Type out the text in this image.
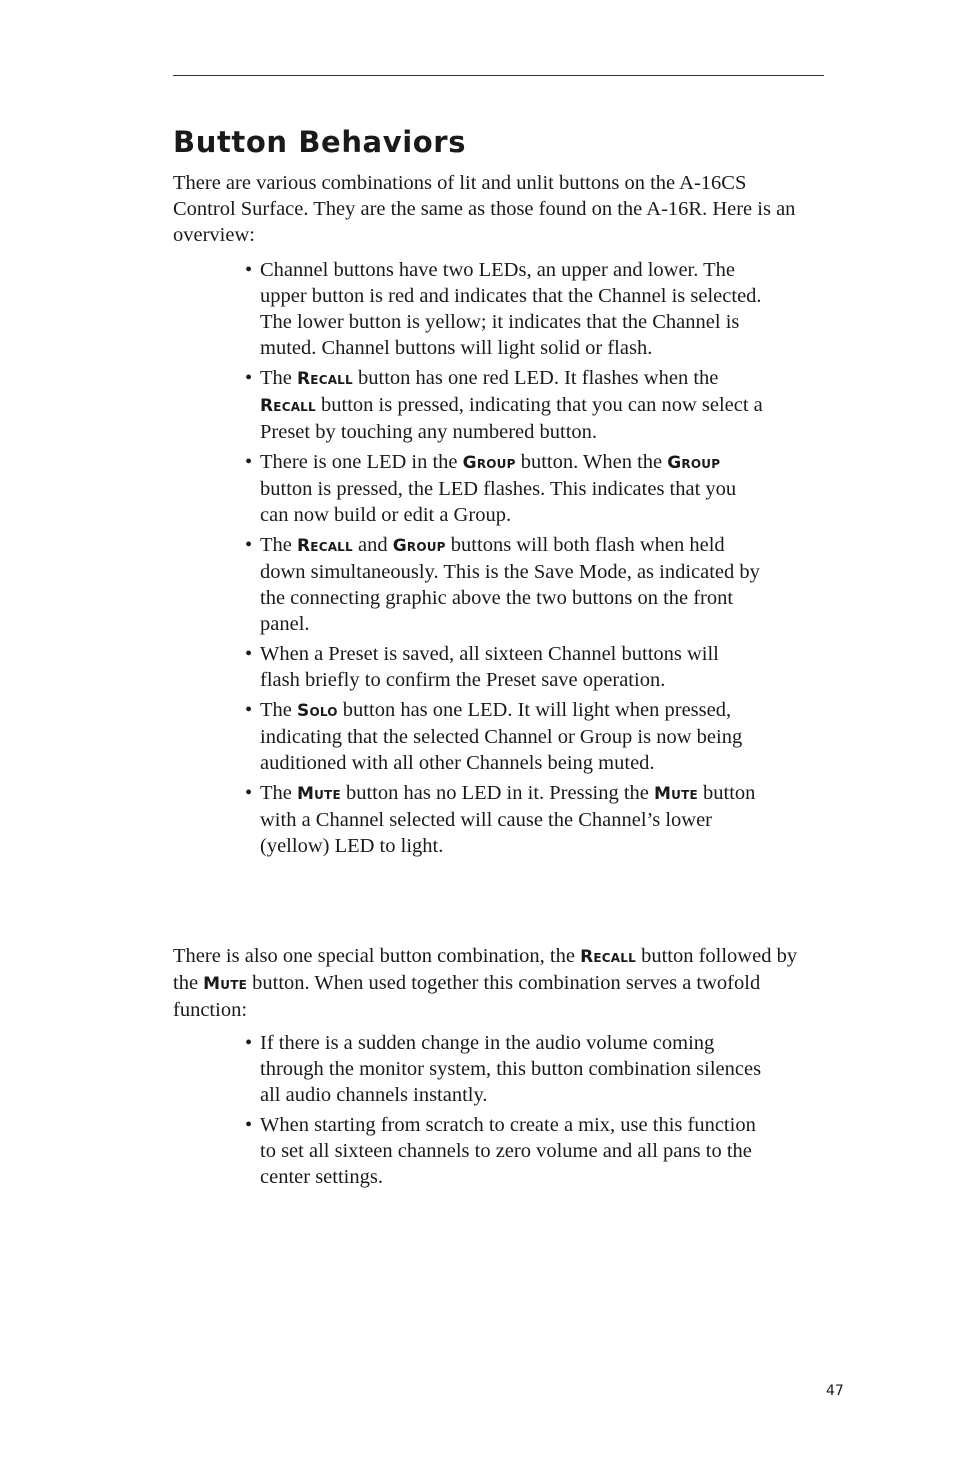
Button Behaviors

There are various combinations of lit and unlit buttons on the A-16CS Control Surface. They are the same as those found on the A-16R. Here is an overview:

• Channel buttons have two LEDs, an upper and lower. The upper button is red and indicates that the Channel is selected. The lower button is yellow; it indicates that the Channel is muted. Channel buttons will light solid or flash.
• The Recall button has one red LED. It flashes when the Recall button is pressed, indicating that you can now select a Preset by touching any numbered button.
• There is one LED in the Group button. When the Group button is pressed, the LED flashes. This indicates that you can now build or edit a Group.
• The Recall and Group buttons will both flash when held down simultaneously. This is the Save Mode, as indicated by the connecting graphic above the two buttons on the front panel.
• When a Preset is saved, all sixteen Channel buttons will flash briefly to confirm the Preset save operation.
• The Solo button has one LED. It will light when pressed, indicating that the selected Channel or Group is now being auditioned with all other Channels being muted.
• The Mute button has no LED in it. Pressing the Mute button with a Channel selected will cause the Channel’s lower (yellow) LED to light.

There is also one special button combination, the Recall button followed by the Mute button. When used together this combination serves a twofold function:

• If there is a sudden change in the audio volume coming through the monitor system, this button combination silences all audio channels instantly.
• When starting from scratch to create a mix, use this function to set all sixteen channels to zero volume and all pans to the center settings.
47
